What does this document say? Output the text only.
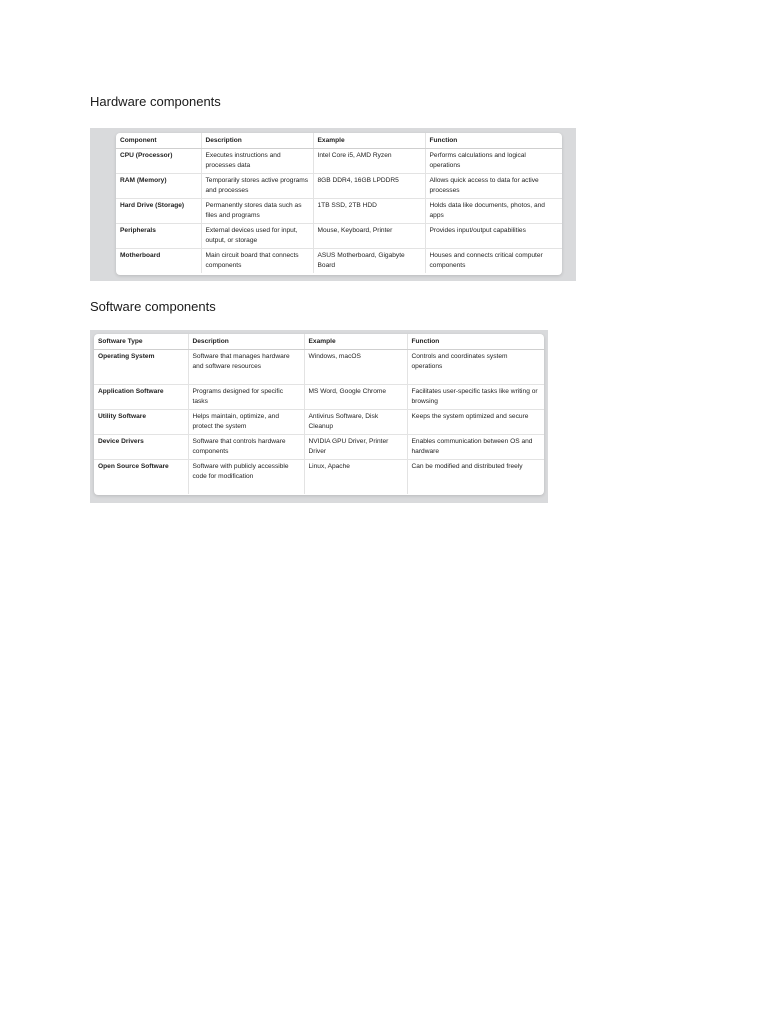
Hardware components
Component	Description	Example	Function
CPU (Processor)	Executes instructions and processes data	Intel Core i5, AMD Ryzen	Performs calculations and logical operations
RAM (Memory)	Temporarily stores active programs and processes	8GB DDR4, 16GB LPDDR5	Allows quick access to data for active processes
Hard Drive (Storage)	Permanently stores data such as files and programs	1TB SSD, 2TB HDD	Holds data like documents, photos, and apps
Peripherals	External devices used for input, output, or storage	Mouse, Keyboard, Printer	Provides input/output capabilities
Motherboard	Main circuit board that connects components	ASUS Motherboard, Gigabyte Board	Houses and connects critical computer components
Software components
Software Type	Description	Example	Function
Operating System	Software that manages hardware and software resources	Windows, macOS	Controls and coordinates system operations
Application Software	Programs designed for specific tasks	MS Word, Google Chrome	Facilitates user-specific tasks like writing or browsing
Utility Software	Helps maintain, optimize, and protect the system	Antivirus Software, Disk Cleanup	Keeps the system optimized and secure
Device Drivers	Software that controls hardware components	NVIDIA GPU Driver, Printer Driver	Enables communication between OS and hardware
Open Source Software	Software with publicly accessible code for modification	Linux, Apache	Can be modified and distributed freely
